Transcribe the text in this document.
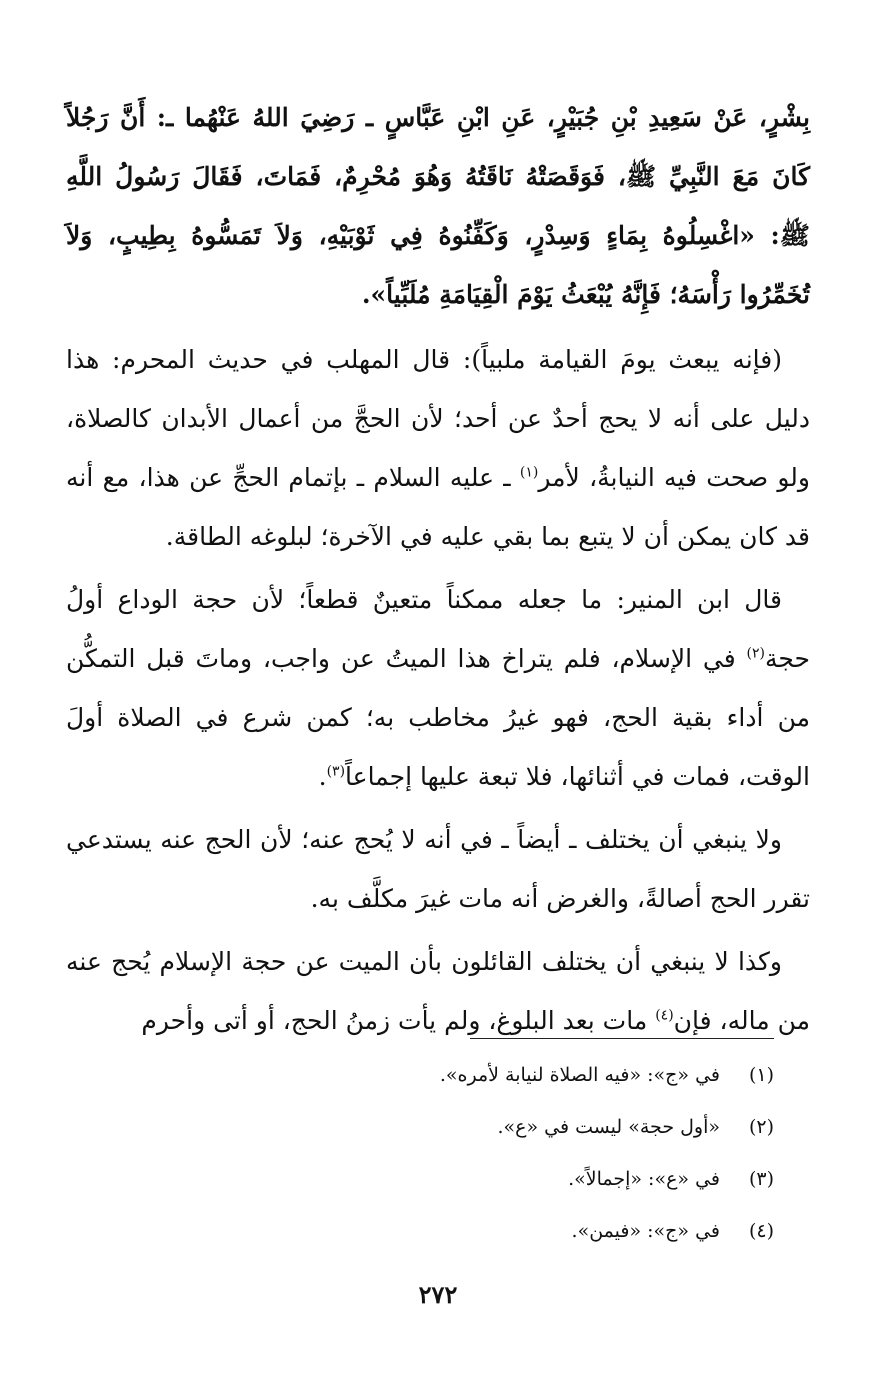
بِشْرٍ، عَنْ سَعِيدِ بْنِ جُبَيْرٍ، عَنِ ابْنِ عَبَّاسٍ ـ رَضِيَ اللهُ عَنْهُما ـ: أَنَّ رَجُلاً كَانَ مَعَ النَّبِيِّ ﷺ، فَوَقَصَتْهُ نَاقَتُهُ وَهُوَ مُحْرِمٌ، فَمَاتَ، فَقَالَ رَسُولُ اللَّهِ ﷺ: «اغْسِلُوهُ بِمَاءٍ وَسِدْرٍ، وَكَفِّنُوهُ فِي ثَوْبَيْهِ، وَلاَ تَمَسُّوهُ بِطِيبٍ، وَلاَ تُخَمِّرُوا رَأْسَهُ؛ فَإِنَّهُ يُبْعَثُ يَوْمَ الْقِيَامَةِ مُلَبِّياً».

(فإنه يبعث يومَ القيامة ملبياً): قال المهلب في حديث المحرم: هذا دليل على أنه لا يحج أحدٌ عن أحد؛ لأن الحجَّ من أعمال الأبدان كالصلاة، ولو صحت فيه النيابةُ، لأمر$^{(١)}$ ـ عليه السلام ـ بإتمام الحجِّ عن هذا، مع أنه قد كان يمكن أن لا يتبع بما بقي عليه في الآخرة؛ لبلوغه الطاقة.

قال ابن المنير: ما جعله ممكناً متعينٌ قطعاً؛ لأن حجة الوداع أولُ حجة$^{(٢)}$ في الإسلام، فلم يتراخ هذا الميتُ عن واجب، وماتَ قبل التمكُّن من أداء بقية الحج، فهو غيرُ مخاطب به؛ كمن شرع في الصلاة أولَ الوقت، فمات في أثنائها، فلا تبعة عليها إجماعاً$^{(٣)}$.

ولا ينبغي أن يختلف ـ أيضاً ـ في أنه لا يُحج عنه؛ لأن الحج عنه يستدعي تقرر الحج أصالةً، والغرض أنه مات غيرَ مكلَّف به.

وكذا لا ينبغي أن يختلف القائلون بأن الميت عن حجة الإسلام يُحج عنه من ماله، فإن$^{(٤)}$ مات بعد البلوغ، ولم يأت زمنُ الحج، أو أتى وأحرم

(١)
في «ج»: «فيه الصلاة لنيابة لأمره».
(٢)
«أول حجة» ليست في «ع».
(٣)
في «ع»: «إجمالاً».
(٤)
في «ج»: «فيمن».
٢٧٢
